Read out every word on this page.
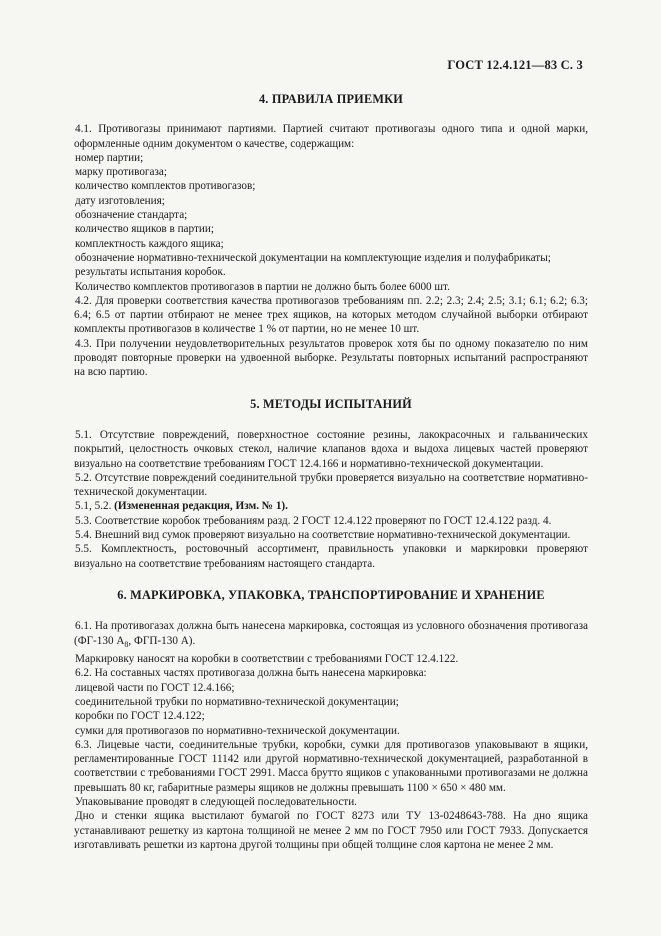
ГОСТ 12.4.121—83 С. 3
4. ПРАВИЛА ПРИЕМКИ

4.1. Противогазы принимают партиями. Партией считают противогазы одного типа и одной марки, оформленные одним документом о качестве, содержащим:

номер партии;

марку противогаза;

количество комплектов противогазов;

дату изготовления;

обозначение стандарта;

количество ящиков в партии;

комплектность каждого ящика;

обозначение нормативно-технической документации на комплектующие изделия и полуфабрикаты;

результаты испытания коробок.

Количество комплектов противогазов в партии не должно быть более 6000 шт.

4.2. Для проверки соответствия качества противогазов требованиям пп. 2.2; 2.3; 2.4; 2.5; 3.1; 6.1; 6.2; 6.3; 6.4; 6.5 от партии отбирают не менее трех ящиков, на которых методом случайной выборки отбирают комплекты противогазов в количестве 1 % от партии, но не менее 10 шт.

4.3. При получении неудовлетворительных результатов проверок хотя бы по одному показателю по ним проводят повторные проверки на удвоенной выборке. Результаты повторных испытаний распространяют на всю партию.

5. МЕТОДЫ ИСПЫТАНИЙ

5.1. Отсутствие повреждений, поверхностное состояние резины, лакокрасочных и гальванических покрытий, целостность очковых стекол, наличие клапанов вдоха и выдоха лицевых частей проверяют визуально на соответствие требованиям ГОСТ 12.4.166 и нормативно-технической документации.

5.2. Отсутствие повреждений соединительной трубки проверяется визуально на соответствие нормативно-технической документации.

5.1, 5.2. (Измененная редакция, Изм. № 1).

5.3. Соответствие коробок требованиям разд. 2 ГОСТ 12.4.122 проверяют по ГОСТ 12.4.122 разд. 4.

5.4. Внешний вид сумок проверяют визуально на соответствие нормативно-технической документации.

5.5. Комплектность, ростовочный ассортимент, правильность упаковки и маркировки проверяют визуально на соответствие требованиям настоящего стандарта.

6. МАРКИРОВКА, УПАКОВКА, ТРАНСПОРТИРОВАНИЕ И ХРАНЕНИЕ

6.1. На противогазах должна быть нанесена маркировка, состоящая из условного обозначения противогаза (ФГ-130 $А_8$, ФГП-130 А).

Маркировку наносят на коробки в соответствии с требованиями ГОСТ 12.4.122.

6.2. На составных частях противогаза должна быть нанесена маркировка:

лицевой части по ГОСТ 12.4.166;

соединительной трубки по нормативно-технической документации;

коробки по ГОСТ 12.4.122;

сумки для противогазов по нормативно-технической документации.

6.3. Лицевые части, соединительные трубки, коробки, сумки для противогазов упаковывают в ящики, регламентированные ГОСТ 11142 или другой нормативно-технической документацией, разработанной в соответствии с требованиями ГОСТ 2991. Масса брутто ящиков с упакованными противогазами не должна превышать 80 кг, габаритные размеры ящиков не должны превышать 1100 × 650 × 480 мм.

Упаковывание проводят в следующей последовательности.

Дно и стенки ящика выстилают бумагой по ГОСТ 8273 или ТУ 13-0248643-788. На дно ящика устанавливают решетку из картона толщиной не менее 2 мм по ГОСТ 7950 или ГОСТ 7933. Допускается изготавливать решетки из картона другой толщины при общей толщине слоя картона не менее 2 мм.
